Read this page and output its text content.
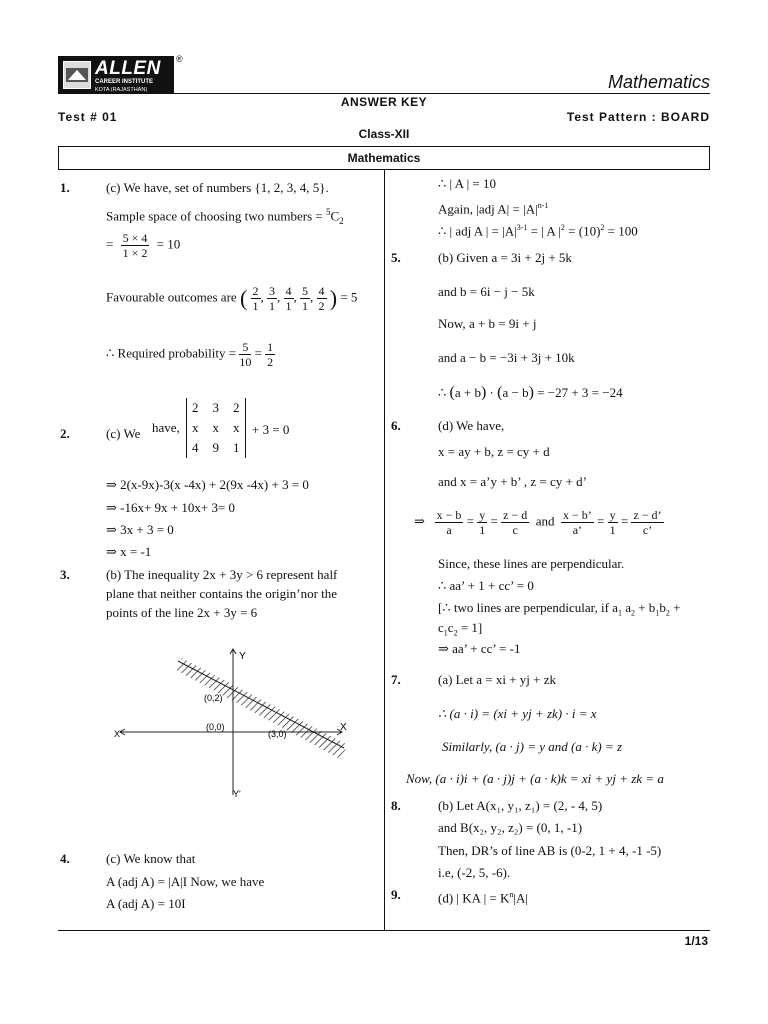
ALLEN
CAREER INSTITUTE
KOTA (RAJASTHAN)
®
Mathematics
ANSWER KEY
Test # 01	Test Pattern : BOARD
Class-XII
Mathematics
1.	(c) We have, set of numbers {1, 2, 3, 4, 5}.
Sample space of choosing two numbers = $^5C_2$
= $\frac{5 \times 4}{1 \times 2} = 10$
Favourable outcomes are ( $\frac{2}{1}$ , $\frac{3}{1}$ , $\frac{4}{1}$ , $\frac{5}{1}$ , $\frac{4}{2}$ ) = 5
∴ Required probability = $\frac{5}{10} = \frac{1}{2}$
2.	(c) We have,
2 3 2
x x x
4 9 1
+ 3 = 0
⇒ 2(x-9x)-3(x -4x) + 2(9x -4x) + 3 = 0
⇒ -16x+ 9x + 10x+ 3= 0
⇒ 3x + 3 = 0
⇒ x = -1
3.	(b) The inequality 2x + 3y > 6 represent half
plane that neither contains the origin’nor the
points of the line 2x + 3y = 6
Y
Y'
X
X'
(0,2)
(0,0)
(3,0)
4.	(c) We know that
A (adj A) = |A|I Now, we have
A (adj A) = 10I
∴ | A | = 10
Again, |adj $A| = |A|^{n-1}$
∴ | adj A | = $|A|^{3-1}$ = | A $|^2 = (10)^2 = 100$
5.	(b) Given a = 3i + 2j + 5k
and b = 6i − j − 5k
Now, a + b = 9i + j
and a − b = −3i + 3j + 10k
∴ (a + b) · (a − b) = −27 + 3 = −24
6.	(d) We have,
x = ay + b, z = cy + d
and x = a’y + b’ , z = cy + d’
⇒ $\frac{x - b}{a} = \frac{y}{1} = \frac{z - d}{c}$ and $\frac{x - b’}{a’} = \frac{y}{1} = \frac{z - d’}{c’}$
Since, these lines are perpendicular.
∴ aa’ + 1 + cc’ = 0
[∴ two lines are perpendicular, if $a_1$ $a_2 + b_1b_2$ +
$c_1c_2 = 1$]
⇒ aa’ + cc’ = -1
7.	(a) Let a = xi + yj + zk
∴ (a · i) = (xi + yj + zk) · i = x
Similarly, (a · j) = y and (a · k) = z
Now, (a · i)i + (a · j)j + (a · k)k = xi + yj + zk = a
8.	(b) Let A(x₁, y₁, z₁) = (2, - 4, 5)
and B(x₂, y₂, z₂) = (0, 1, -1)
Then, DR’s of line AB is (0-2, 1 + 4, -1 -5)
i.e, (-2, 5, -6).
9.	(d) | KA | = $K^n|A|$
1/13
